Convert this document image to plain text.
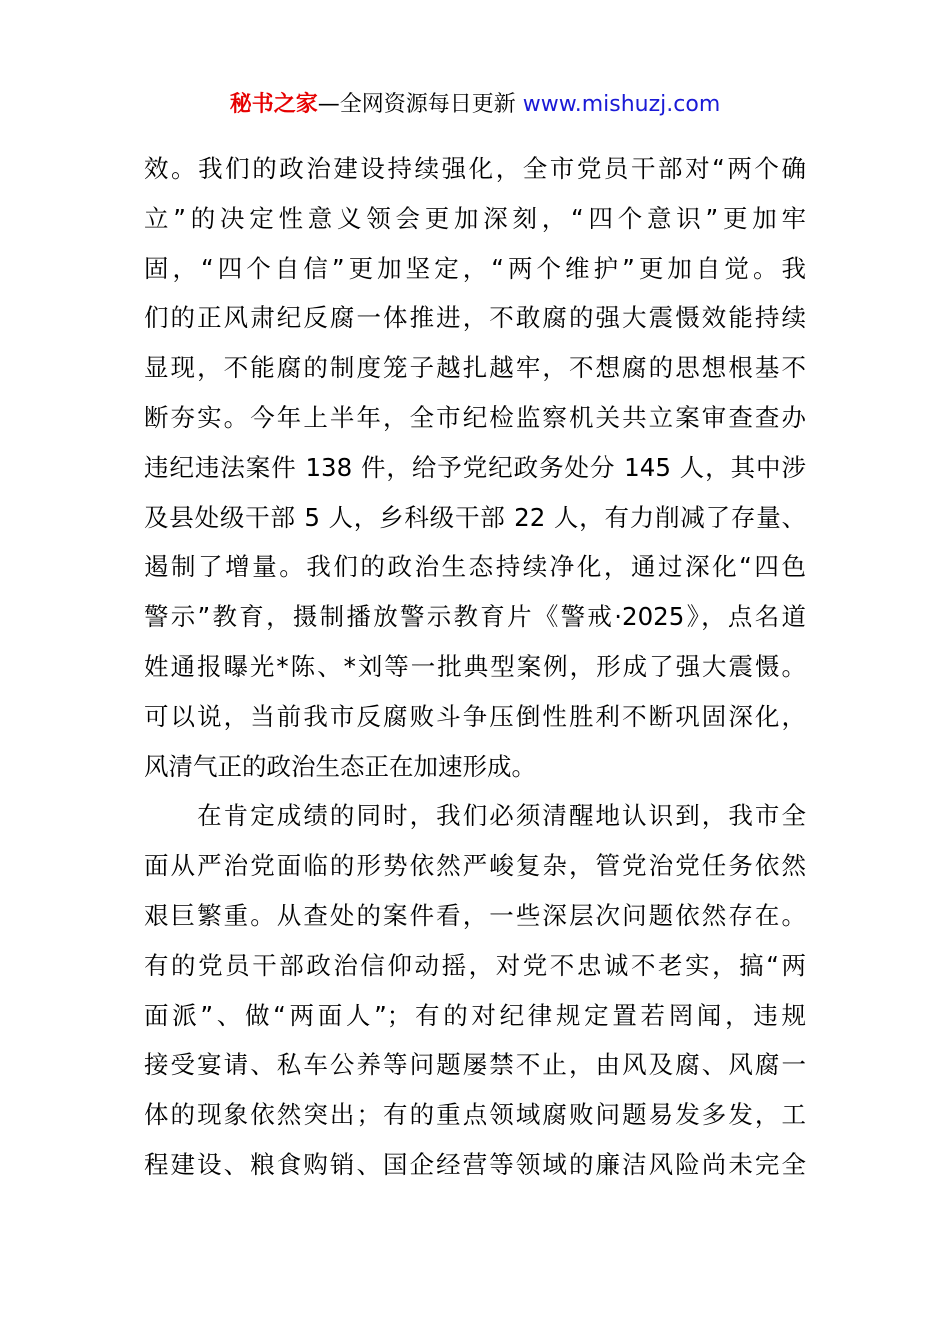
秘书之家—全网资源每日更新 www.mishuzj.com
效。我们的政治建设持续强化，全市党员干部对“两个确
立”的决定性意义领会更加深刻，“四个意识”更加牢
固，“四个自信”更加坚定，“两个维护”更加自觉。我
们的正风肃纪反腐一体推进，不敢腐的强大震慑效能持续
显现，不能腐的制度笼子越扎越牢，不想腐的思想根基不
断夯实。今年上半年，全市纪检监察机关共立案审查查办
违纪违法案件 138 件，给予党纪政务处分 145 人，其中涉
及县处级干部 5 人，乡科级干部 22 人，有力削减了存量、
遏制了增量。我们的政治生态持续净化，通过深化“四色
警示”教育，摄制播放警示教育片《警戒·2025》，点名道
姓通报曝光*陈、*刘等一批典型案例，形成了强大震慑。
可以说，当前我市反腐败斗争压倒性胜利不断巩固深化，
风清气正的政治生态正在加速形成。
　　在肯定成绩的同时，我们必须清醒地认识到，我市全
面从严治党面临的形势依然严峻复杂，管党治党任务依然
艰巨繁重。从查处的案件看，一些深层次问题依然存在。
有的党员干部政治信仰动摇，对党不忠诚不老实，搞“两
面派”、做“两面人”；有的对纪律规定置若罔闻，违规
接受宴请、私车公养等问题屡禁不止，由风及腐、风腐一
体的现象依然突出；有的重点领域腐败问题易发多发，工
程建设、粮食购销、国企经营等领域的廉洁风险尚未完全
